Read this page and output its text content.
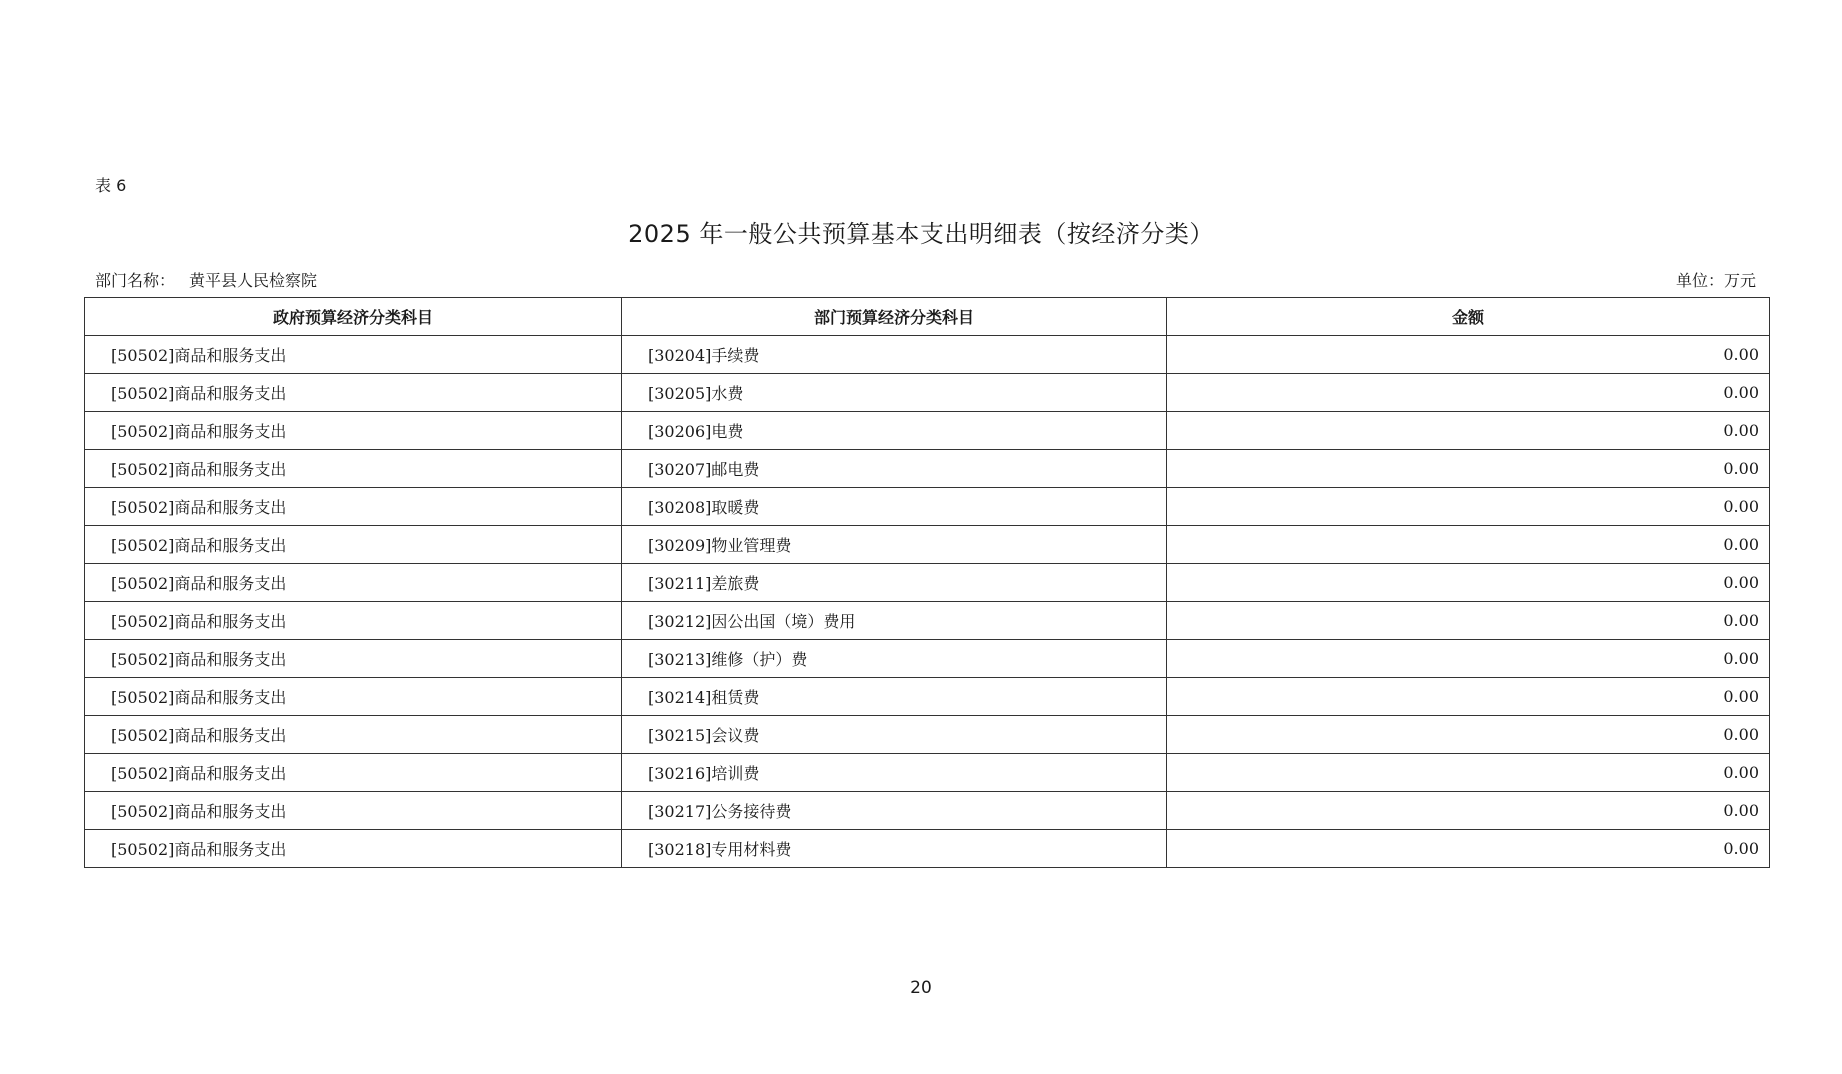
表 6
2025 年一般公共预算基本支出明细表（按经济分类）
部门名称： 黄平县人民检察院	单位：万元
政府预算经济分类科目	部门预算经济分类科目	金额
[50502]商品和服务支出	[30204]手续费	0.00
[50502]商品和服务支出	[30205]水费	0.00
[50502]商品和服务支出	[30206]电费	0.00
[50502]商品和服务支出	[30207]邮电费	0.00
[50502]商品和服务支出	[30208]取暖费	0.00
[50502]商品和服务支出	[30209]物业管理费	0.00
[50502]商品和服务支出	[30211]差旅费	0.00
[50502]商品和服务支出	[30212]因公出国（境）费用	0.00
[50502]商品和服务支出	[30213]维修（护）费	0.00
[50502]商品和服务支出	[30214]租赁费	0.00
[50502]商品和服务支出	[30215]会议费	0.00
[50502]商品和服务支出	[30216]培训费	0.00
[50502]商品和服务支出	[30217]公务接待费	0.00
[50502]商品和服务支出	[30218]专用材料费	0.00
20
